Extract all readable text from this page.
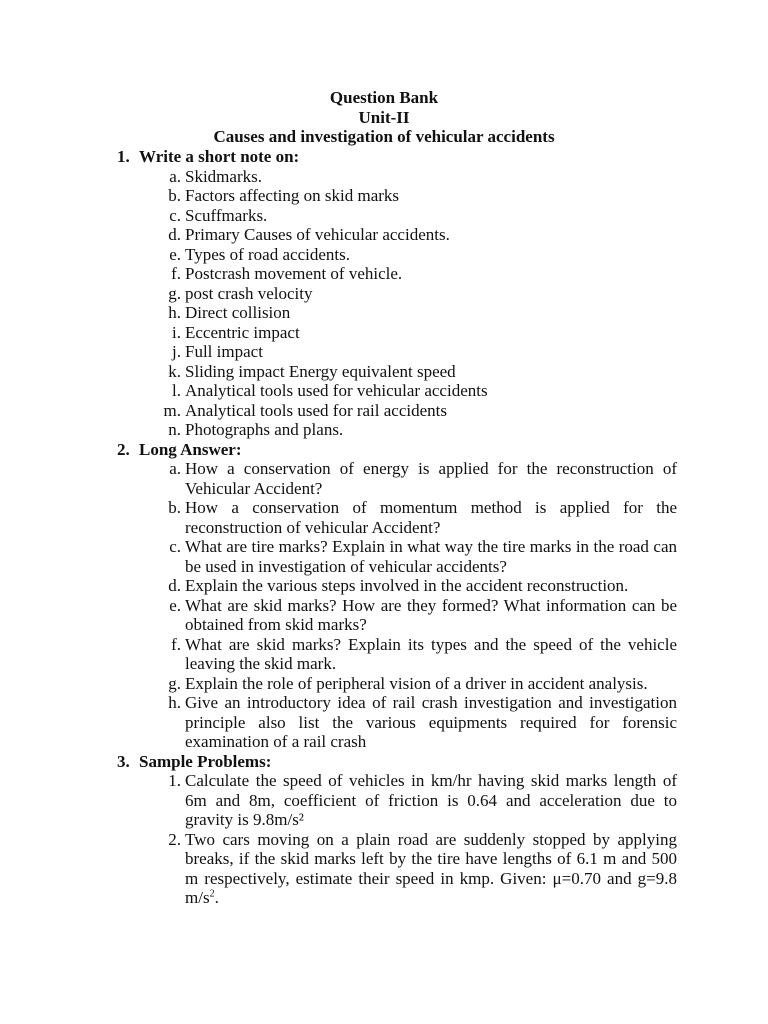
Question Bank
Unit-II
Causes and investigation of vehicular accidents
1. Write a short note on:
a. Skidmarks.
b. Factors affecting on skid marks
c. Scuffmarks.
d. Primary Causes of vehicular accidents.
e. Types of road accidents.
f. Postcrash movement of vehicle.
g. post crash velocity
h. Direct collision
i. Eccentric impact
j. Full impact
k. Sliding impact Energy equivalent speed
l. Analytical tools used for vehicular accidents
m. Analytical tools used for rail accidents
n. Photographs and plans.
2. Long Answer:
a. How a conservation of energy is applied for the reconstruction of Vehicular Accident?
b. How a conservation of momentum method is applied for the reconstruction of vehicular Accident?
c. What are tire marks? Explain in what way the tire marks in the road can be used in investigation of vehicular accidents?
d. Explain the various steps involved in the accident reconstruction.
e. What are skid marks? How are they formed? What information can be obtained from skid marks?
f. What are skid marks? Explain its types and the speed of the vehicle leaving the skid mark.
g. Explain the role of peripheral vision of a driver in accident analysis.
h. Give an introductory idea of rail crash investigation and investigation principle also list the various equipments required for forensic examination of a rail crash
3. Sample Problems:
1. Calculate the speed of vehicles in km/hr having skid marks length of 6m and 8m, coefficient of friction is 0.64 and acceleration due to gravity is 9.8m/s²
2. Two cars moving on a plain road are suddenly stopped by applying breaks, if the skid marks left by the tire have lengths of 6.1 m and 500 m respectively, estimate their speed in kmp. Given: μ=0.70 and g=9.8 $m/s^2$.
